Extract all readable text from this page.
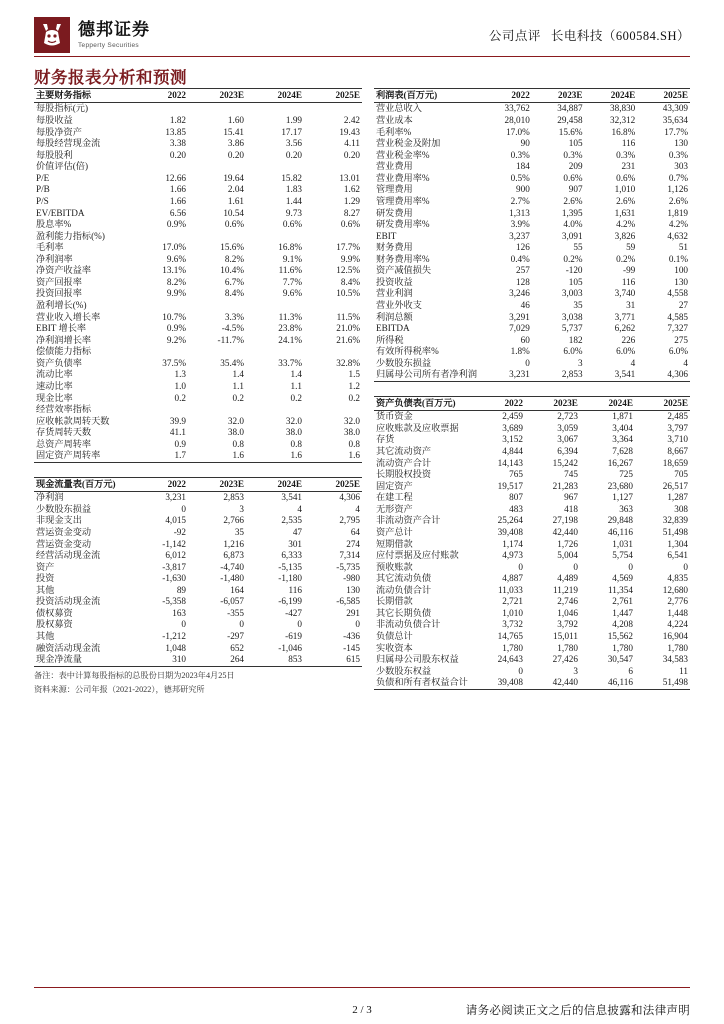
德邦证券
Tepperty Securities
公司点评 长电科技（600584.SH）
财务报表分析和预测
主要财务指标	2022	2023E	2024E	2025E
每股指标(元)				
每股收益	1.82	1.60	1.99	2.42
每股净资产	13.85	15.41	17.17	19.43
每股经营现金流	3.38	3.86	3.56	4.11
每股股利	0.20	0.20	0.20	0.20
价值评估(倍)				
P/E	12.66	19.64	15.82	13.01
P/B	1.66	2.04	1.83	1.62
P/S	1.66	1.61	1.44	1.29
EV/EBITDA	6.56	10.54	9.73	8.27
股息率%	0.9%	0.6%	0.6%	0.6%
盈利能力指标(%)				
毛利率	17.0%	15.6%	16.8%	17.7%
净利润率	9.6%	8.2%	9.1%	9.9%
净资产收益率	13.1%	10.4%	11.6%	12.5%
资产回报率	8.2%	6.7%	7.7%	8.4%
投资回报率	9.9%	8.4%	9.6%	10.5%
盈利增长(%)				
营业收入增长率	10.7%	3.3%	11.3%	11.5%
EBIT 增长率	0.9%	-4.5%	23.8%	21.0%
净利润增长率	9.2%	-11.7%	24.1%	21.6%
偿债能力指标				
资产负债率	37.5%	35.4%	33.7%	32.8%
流动比率	1.3	1.4	1.4	1.5
速动比率	1.0	1.1	1.1	1.2
现金比率	0.2	0.2	0.2	0.2
经营效率指标				
应收帐款周转天数	39.9	32.0	32.0	32.0
存货周转天数	41.1	38.0	38.0	38.0
总资产周转率	0.9	0.8	0.8	0.8
固定资产周转率	1.7	1.6	1.6	1.6
现金流量表(百万元)	2022	2023E	2024E	2025E
净利润	3,231	2,853	3,541	4,306
少数股东损益	0	3	4	4
非现金支出	4,015	2,766	2,535	2,795
营运资金变动	-92	35	47	64
营运资金变动	-1,142	1,216	301	274
经营活动现金流	6,012	6,873	6,333	7,314
资产	-3,817	-4,740	-5,135	-5,735
投资	-1,630	-1,480	-1,180	-980
其他	89	164	116	130
投资活动现金流	-5,358	-6,057	-6,199	-6,585
债权募资	163	-355	-427	291
股权募资	0	0	0	0
其他	-1,212	-297	-619	-436
融资活动现金流	1,048	652	-1,046	-145
现金净流量	310	264	853	615
备注：表中计算每股指标的总股份日期为2023年4月25日
资料来源：公司年报（2021-2022），德邦研究所
利润表(百万元)	2022	2023E	2024E	2025E
营业总收入	33,762	34,887	38,830	43,309
营业成本	28,010	29,458	32,312	35,634
毛利率%	17.0%	15.6%	16.8%	17.7%
营业税金及附加	90	105	116	130
营业税金率%	0.3%	0.3%	0.3%	0.3%
营业费用	184	209	231	303
营业费用率%	0.5%	0.6%	0.6%	0.7%
管理费用	900	907	1,010	1,126
管理费用率%	2.7%	2.6%	2.6%	2.6%
研发费用	1,313	1,395	1,631	1,819
研发费用率%	3.9%	4.0%	4.2%	4.2%
EBIT	3,237	3,091	3,826	4,632
财务费用	126	55	59	51
财务费用率%	0.4%	0.2%	0.2%	0.1%
资产减值损失	257	-120	-99	100
投资收益	128	105	116	130
营业利润	3,246	3,003	3,740	4,558
营业外收支	46	35	31	27
利润总额	3,291	3,038	3,771	4,585
EBITDA	7,029	5,737	6,262	7,327
所得税	60	182	226	275
有效所得税率%	1.8%	6.0%	6.0%	6.0%
少数股东损益	0	3	4	4
归属母公司所有者净利润	3,231	2,853	3,541	4,306
资产负债表(百万元)	2022	2023E	2024E	2025E
货币资金	2,459	2,723	1,871	2,485
应收账款及应收票据	3,689	3,059	3,404	3,797
存货	3,152	3,067	3,364	3,710
其它流动资产	4,844	6,394	7,628	8,667
流动资产合计	14,143	15,242	16,267	18,659
长期股权投资	765	745	725	705
固定资产	19,517	21,283	23,680	26,517
在建工程	807	967	1,127	1,287
无形资产	483	418	363	308
非流动资产合计	25,264	27,198	29,848	32,839
资产总计	39,408	42,440	46,116	51,498
短期借款	1,174	1,726	1,031	1,304
应付票据及应付账款	4,973	5,004	5,754	6,541
预收账款	0	0	0	0
其它流动负债	4,887	4,489	4,569	4,835
流动负债合计	11,033	11,219	11,354	12,680
长期借款	2,721	2,746	2,761	2,776
其它长期负债	1,010	1,046	1,447	1,448
非流动负债合计	3,732	3,792	4,208	4,224
负债总计	14,765	15,011	15,562	16,904
实收资本	1,780	1,780	1,780	1,780
归属母公司股东权益	24,643	27,426	30,547	34,583
少数股东权益	0	3	6	11
负债和所有者权益合计	39,408	42,440	46,116	51,498
2 / 3	请务必阅读正文之后的信息披露和法律声明
